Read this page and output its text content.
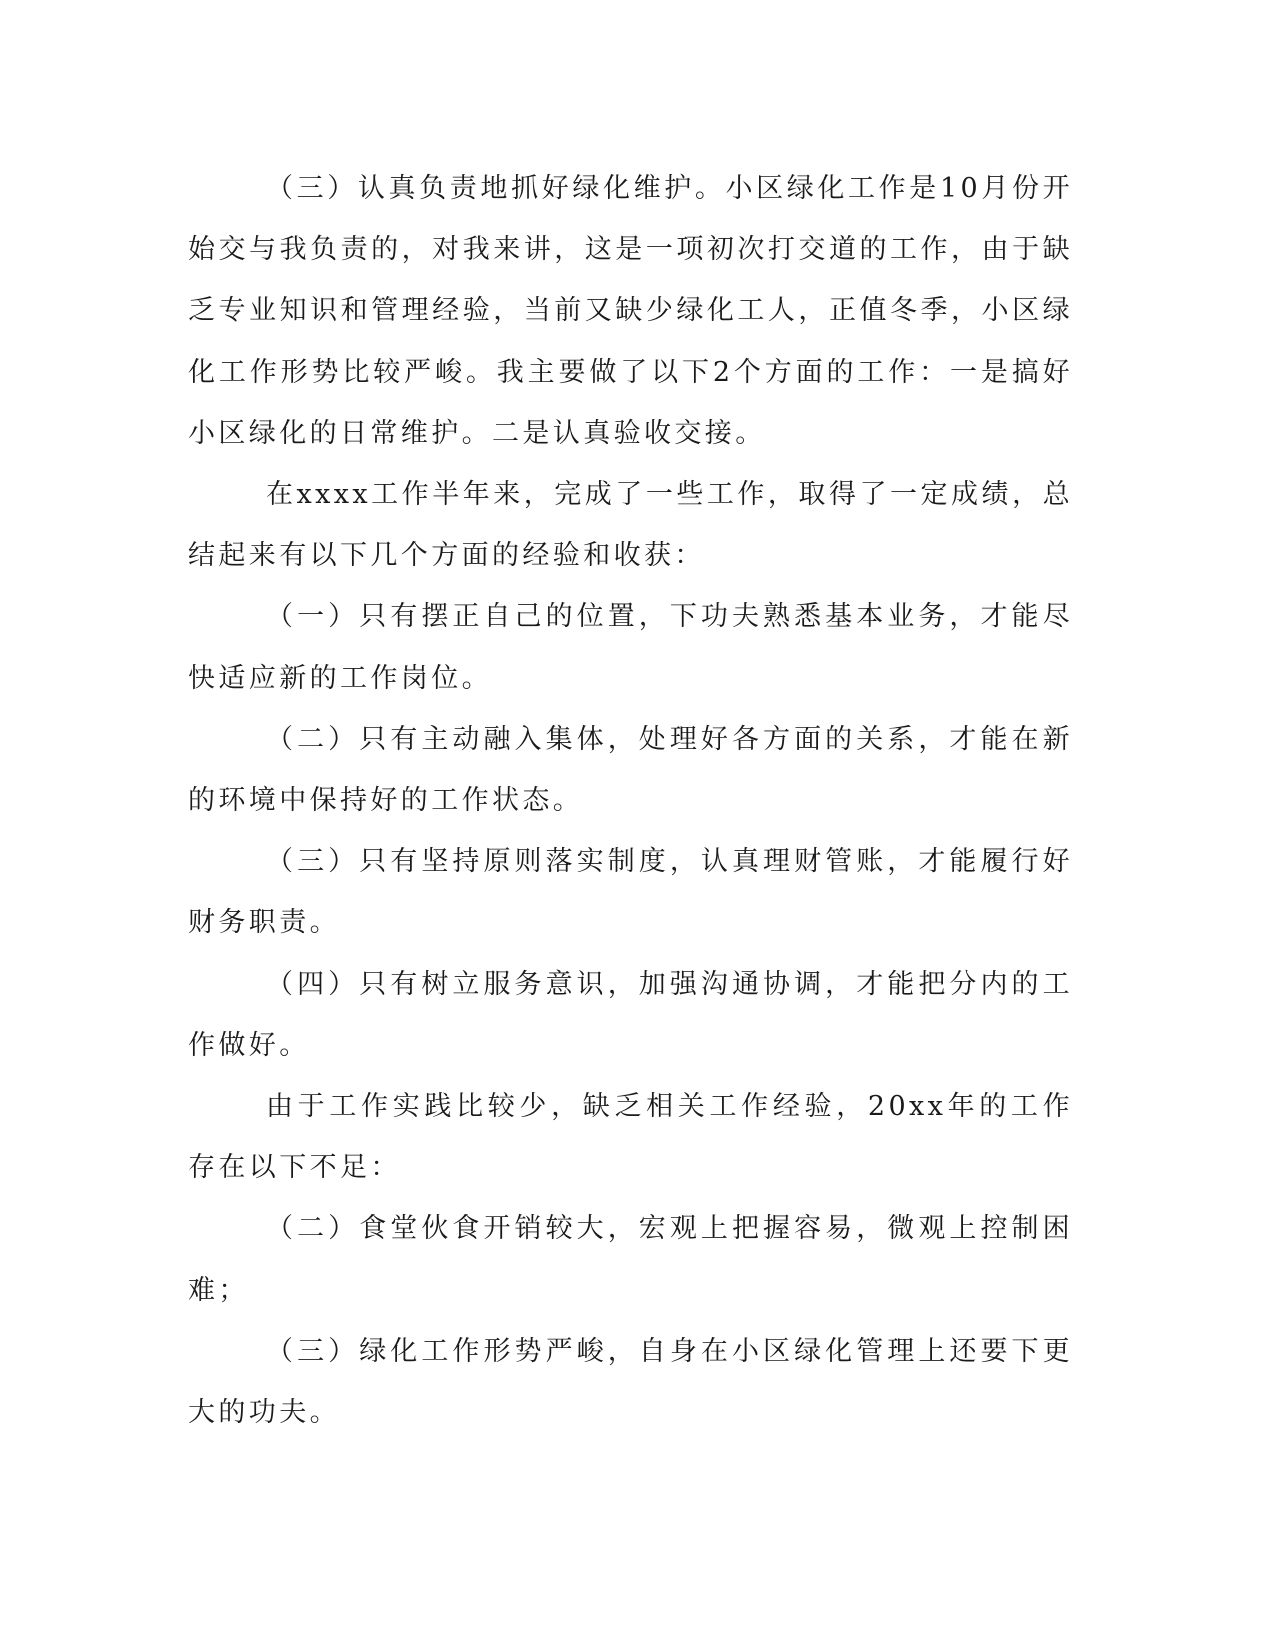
（三）认真负责地抓好绿化维护。小区绿化工作是10月份开始交与我负责的，对我来讲，这是一项初次打交道的工作，由于缺乏专业知识和管理经验，当前又缺少绿化工人，正值冬季，小区绿化工作形势比较严峻。我主要做了以下2个方面的工作：一是搞好小区绿化的日常维护。二是认真验收交接。

在xxxx工作半年来，完成了一些工作，取得了一定成绩，总结起来有以下几个方面的经验和收获：

（一）只有摆正自己的位置，下功夫熟悉基本业务，才能尽快适应新的工作岗位。

（二）只有主动融入集体，处理好各方面的关系，才能在新的环境中保持好的工作状态。

（三）只有坚持原则落实制度，认真理财管账，才能履行好财务职责。

（四）只有树立服务意识，加强沟通协调，才能把分内的工作做好。

由于工作实践比较少，缺乏相关工作经验，20xx年的工作存在以下不足：

（二）食堂伙食开销较大，宏观上把握容易，微观上控制困难；

（三）绿化工作形势严峻，自身在小区绿化管理上还要下更大的功夫。
